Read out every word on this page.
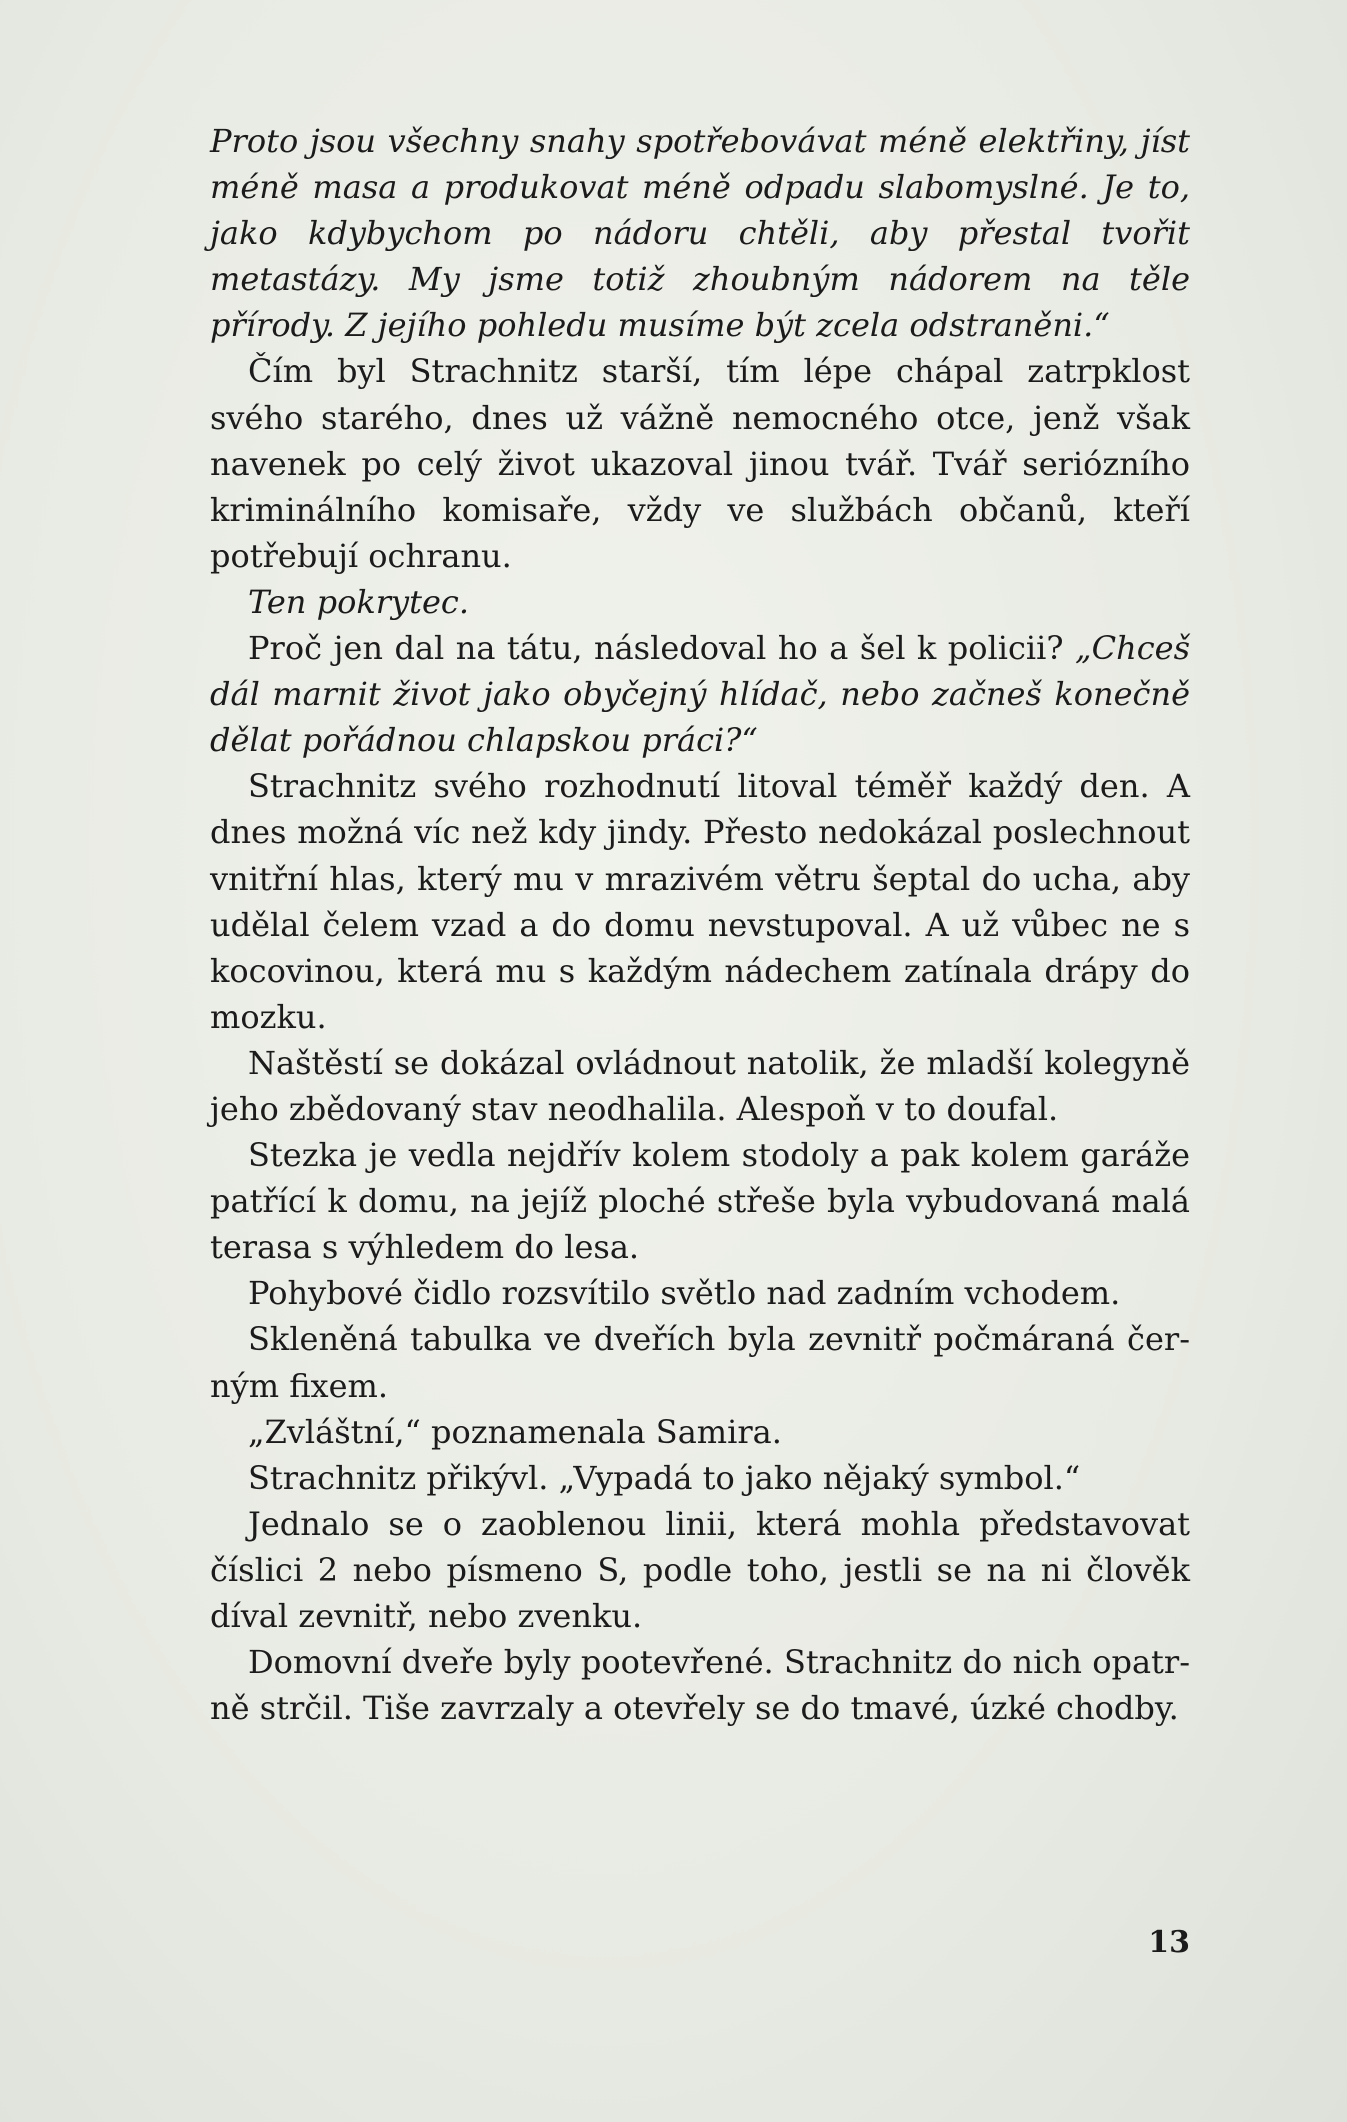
Proto jsou všechny snahy spotřebovávat méně elektřiny, jíst méně masa a produkovat méně odpadu slabomyslné. Je to, jako kdybychom po nádoru chtěli, aby přestal tvořit metastázy. My jsme totiž zhoubným nádorem na těle přírody. Z jejího pohledu musíme být zcela odstraněni.“

Čím byl Strachnitz starší, tím lépe chápal zatrpklost svého starého, dnes už vážně nemocného otce, jenž však navenek po celý život ukazoval jinou tvář. Tvář seriózního kriminálního komisaře, vždy ve službách občanů, kteří potřebují ochranu.

Ten pokrytec.

Proč jen dal na tátu, následoval ho a šel k policii? „Chceš dál marnit život jako obyčejný hlídač, nebo začneš konečně dělat pořádnou chlapskou práci?“

Strachnitz svého rozhodnutí litoval téměř každý den. A dnes možná víc než kdy jindy. Přesto nedokázal poslechnout vnitřní hlas, který mu v mrazivém větru šeptal do ucha, aby udělal čelem vzad a do domu nevstupoval. A už vůbec ne s kocovinou, která mu s každým nádechem zatínala drápy do mozku.

Naštěstí se dokázal ovládnout natolik, že mladší kolegyně jeho zbědovaný stav neodhalila. Alespoň v to doufal.

Stezka je vedla nejdřív kolem stodoly a pak kolem garáže patřící k domu, na jejíž ploché střeše byla vybudovaná malá terasa s výhledem do lesa.

Pohybové čidlo rozsvítilo světlo nad zadním vchodem.

Skleněná tabulka ve dveřích byla zevnitř počmáraná černým fixem.

„Zvláštní,“ poznamenala Samira.

Strachnitz přikývl. „Vypadá to jako nějaký symbol.“

Jednalo se o zaoblenou linii, která mohla představovat číslici 2 nebo písmeno S, podle toho, jestli se na ni člověk díval zevnitř, nebo zvenku.

Domovní dveře byly pootevřené. Strachnitz do nich opatrně strčil. Tiše zavrzaly a otevřely se do tmavé, úzké chodby.

13
